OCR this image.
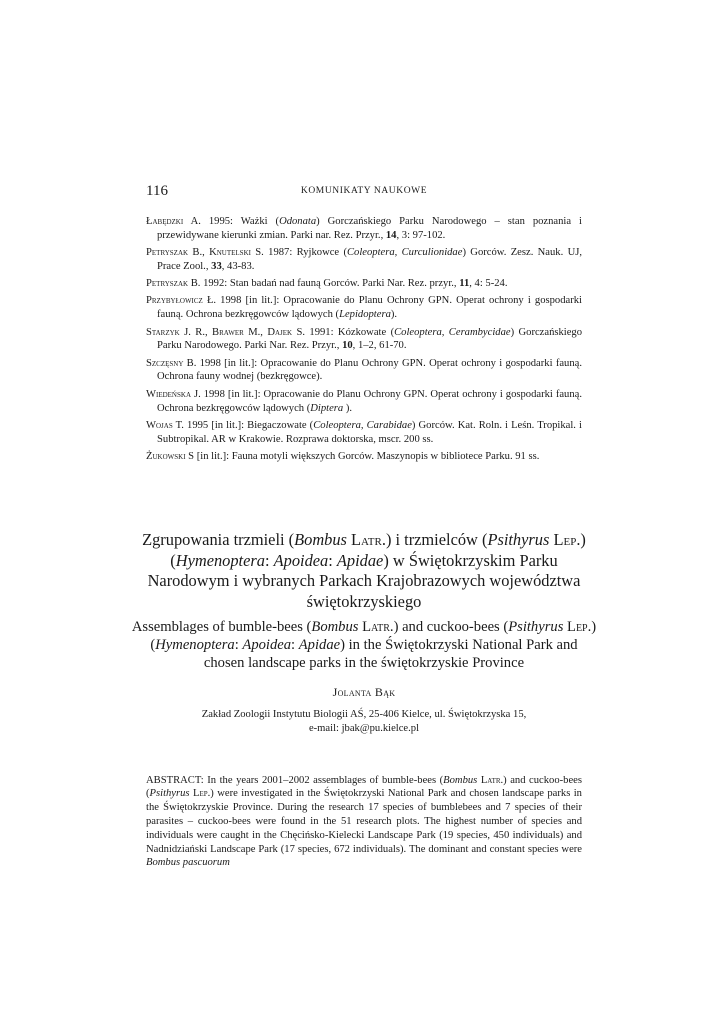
116	KOMUNIKATY NAUKOWE

Łabędzki A. 1995: Ważki (Odonata) Gorczańskiego Parku Narodowego – stan poznania i przewidywane kierunki zmian. Parki nar. Rez. Przyr., 14, 3: 97-102.

Petryszak B., Knutelski S. 1987: Ryjkowce (Coleoptera, Curculionidae) Gorców. Zesz. Nauk. UJ, Prace Zool., 33, 43-83.

Petryszak B. 1992: Stan badań nad fauną Gorców. Parki Nar. Rez. przyr., 11, 4: 5-24.

Przybyłowicz Ł. 1998 [in lit.]: Opracowanie do Planu Ochrony GPN. Operat ochrony i gospodarki fauną. Ochrona bezkręgowców lądowych (Lepidoptera).

Starzyk J. R., Brawer M., Dajek S. 1991: Kózkowate (Coleoptera, Cerambycidae) Gorczańskiego Parku Narodowego. Parki Nar. Rez. Przyr., 10, 1–2, 61-70.

Szczęsny B. 1998 [in lit.]: Opracowanie do Planu Ochrony GPN. Operat ochrony i gospodarki fauną. Ochrona fauny wodnej (bezkręgowce).

Wiedeńska J. 1998 [in lit.]: Opracowanie do Planu Ochrony GPN. Operat ochrony i gospodarki fauną. Ochrona bezkręgowców lądowych (Diptera ).

Wojas T. 1995 [in lit.]: Biegaczowate (Coleoptera, Carabidae) Gorców. Kat. Roln. i Leśn. Tropikal. i Subtropikal. AR w Krakowie. Rozprawa doktorska, mscr. 200 ss.

Żukowski S [in lit.]: Fauna motyli większych Gorców. Maszynopis w bibliotece Parku. 91 ss.

Zgrupowania trzmieli (Bombus Latr.) i trzmielców (Psithyrus Lep.) (Hymenoptera: Apoidea: Apidae) w Świętokrzyskim Parku Narodowym i wybranych Parkach Krajobrazowych województwa świętokrzyskiego
Assemblages of bumble-bees (Bombus Latr.) and cuckoo-bees (Psithyrus Lep.) (Hymenoptera: Apoidea: Apidae) in the Świętokrzyski National Park and chosen landscape parks in the świętokrzyskie Province
Jolanta Bąk
Zakład Zoologii Instytutu Biologii AŚ, 25-406 Kielce, ul. Świętokrzyska 15,
e-mail: jbak@pu.kielce.pl

ABSTRACT: In the years 2001–2002 assemblages of bumble-bees (Bombus Latr.) and cuckoo-bees (Psithyrus Lep.) were investigated in the Świętokrzyski National Park and chosen landscape parks in the Świętokrzyskie Province. During the research 17 species of bumblebees and 7 species of their parasites – cuckoo-bees were found in the 51 research plots. The highest number of species and individuals were caught in the Chęcińsko-Kielecki Landscape Park (19 species, 450 individuals) and Nadnidziański Landscape Park (17 species, 672 individuals). The dominant and constant species were Bombus pascuorum
